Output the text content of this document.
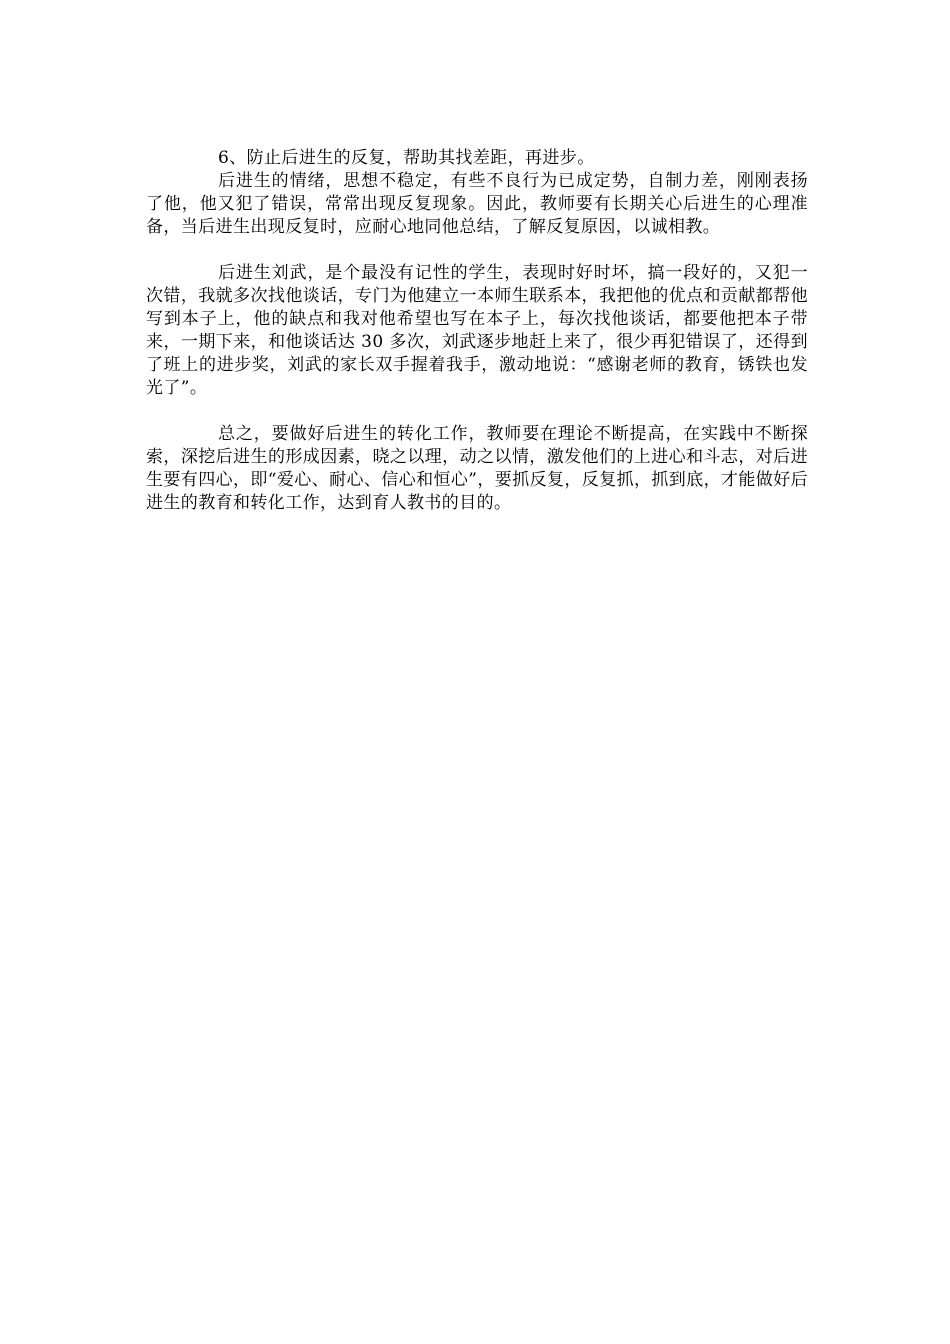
6、防止后进生的反复，帮助其找差距，再进步。

后进生的情绪，思想不稳定，有些不良行为已成定势，自制力差，刚刚表扬了他，他又犯了错误，常常出现反复现象。因此，教师要有长期关心后进生的心理准备，当后进生出现反复时，应耐心地同他总结，了解反复原因，以诚相教。

后进生刘武，是个最没有记性的学生，表现时好时坏，搞一段好的，又犯一次错，我就多次找他谈话，专门为他建立一本师生联系本，我把他的优点和贡献都帮他写到本子上，他的缺点和我对他希望也写在本子上，每次找他谈话，都要他把本子带来，一期下来，和他谈话达 30 多次，刘武逐步地赶上来了，很少再犯错误了，还得到了班上的进步奖，刘武的家长双手握着我手，激动地说：“感谢老师的教育，锈铁也发光了”。

总之，要做好后进生的转化工作，教师要在理论不断提高，在实践中不断探索，深挖后进生的形成因素，晓之以理，动之以情，激发他们的上进心和斗志，对后进生要有四心，即“爱心、耐心、信心和恒心”，要抓反复，反复抓，抓到底，才能做好后进生的教育和转化工作，达到育人教书的目的。
